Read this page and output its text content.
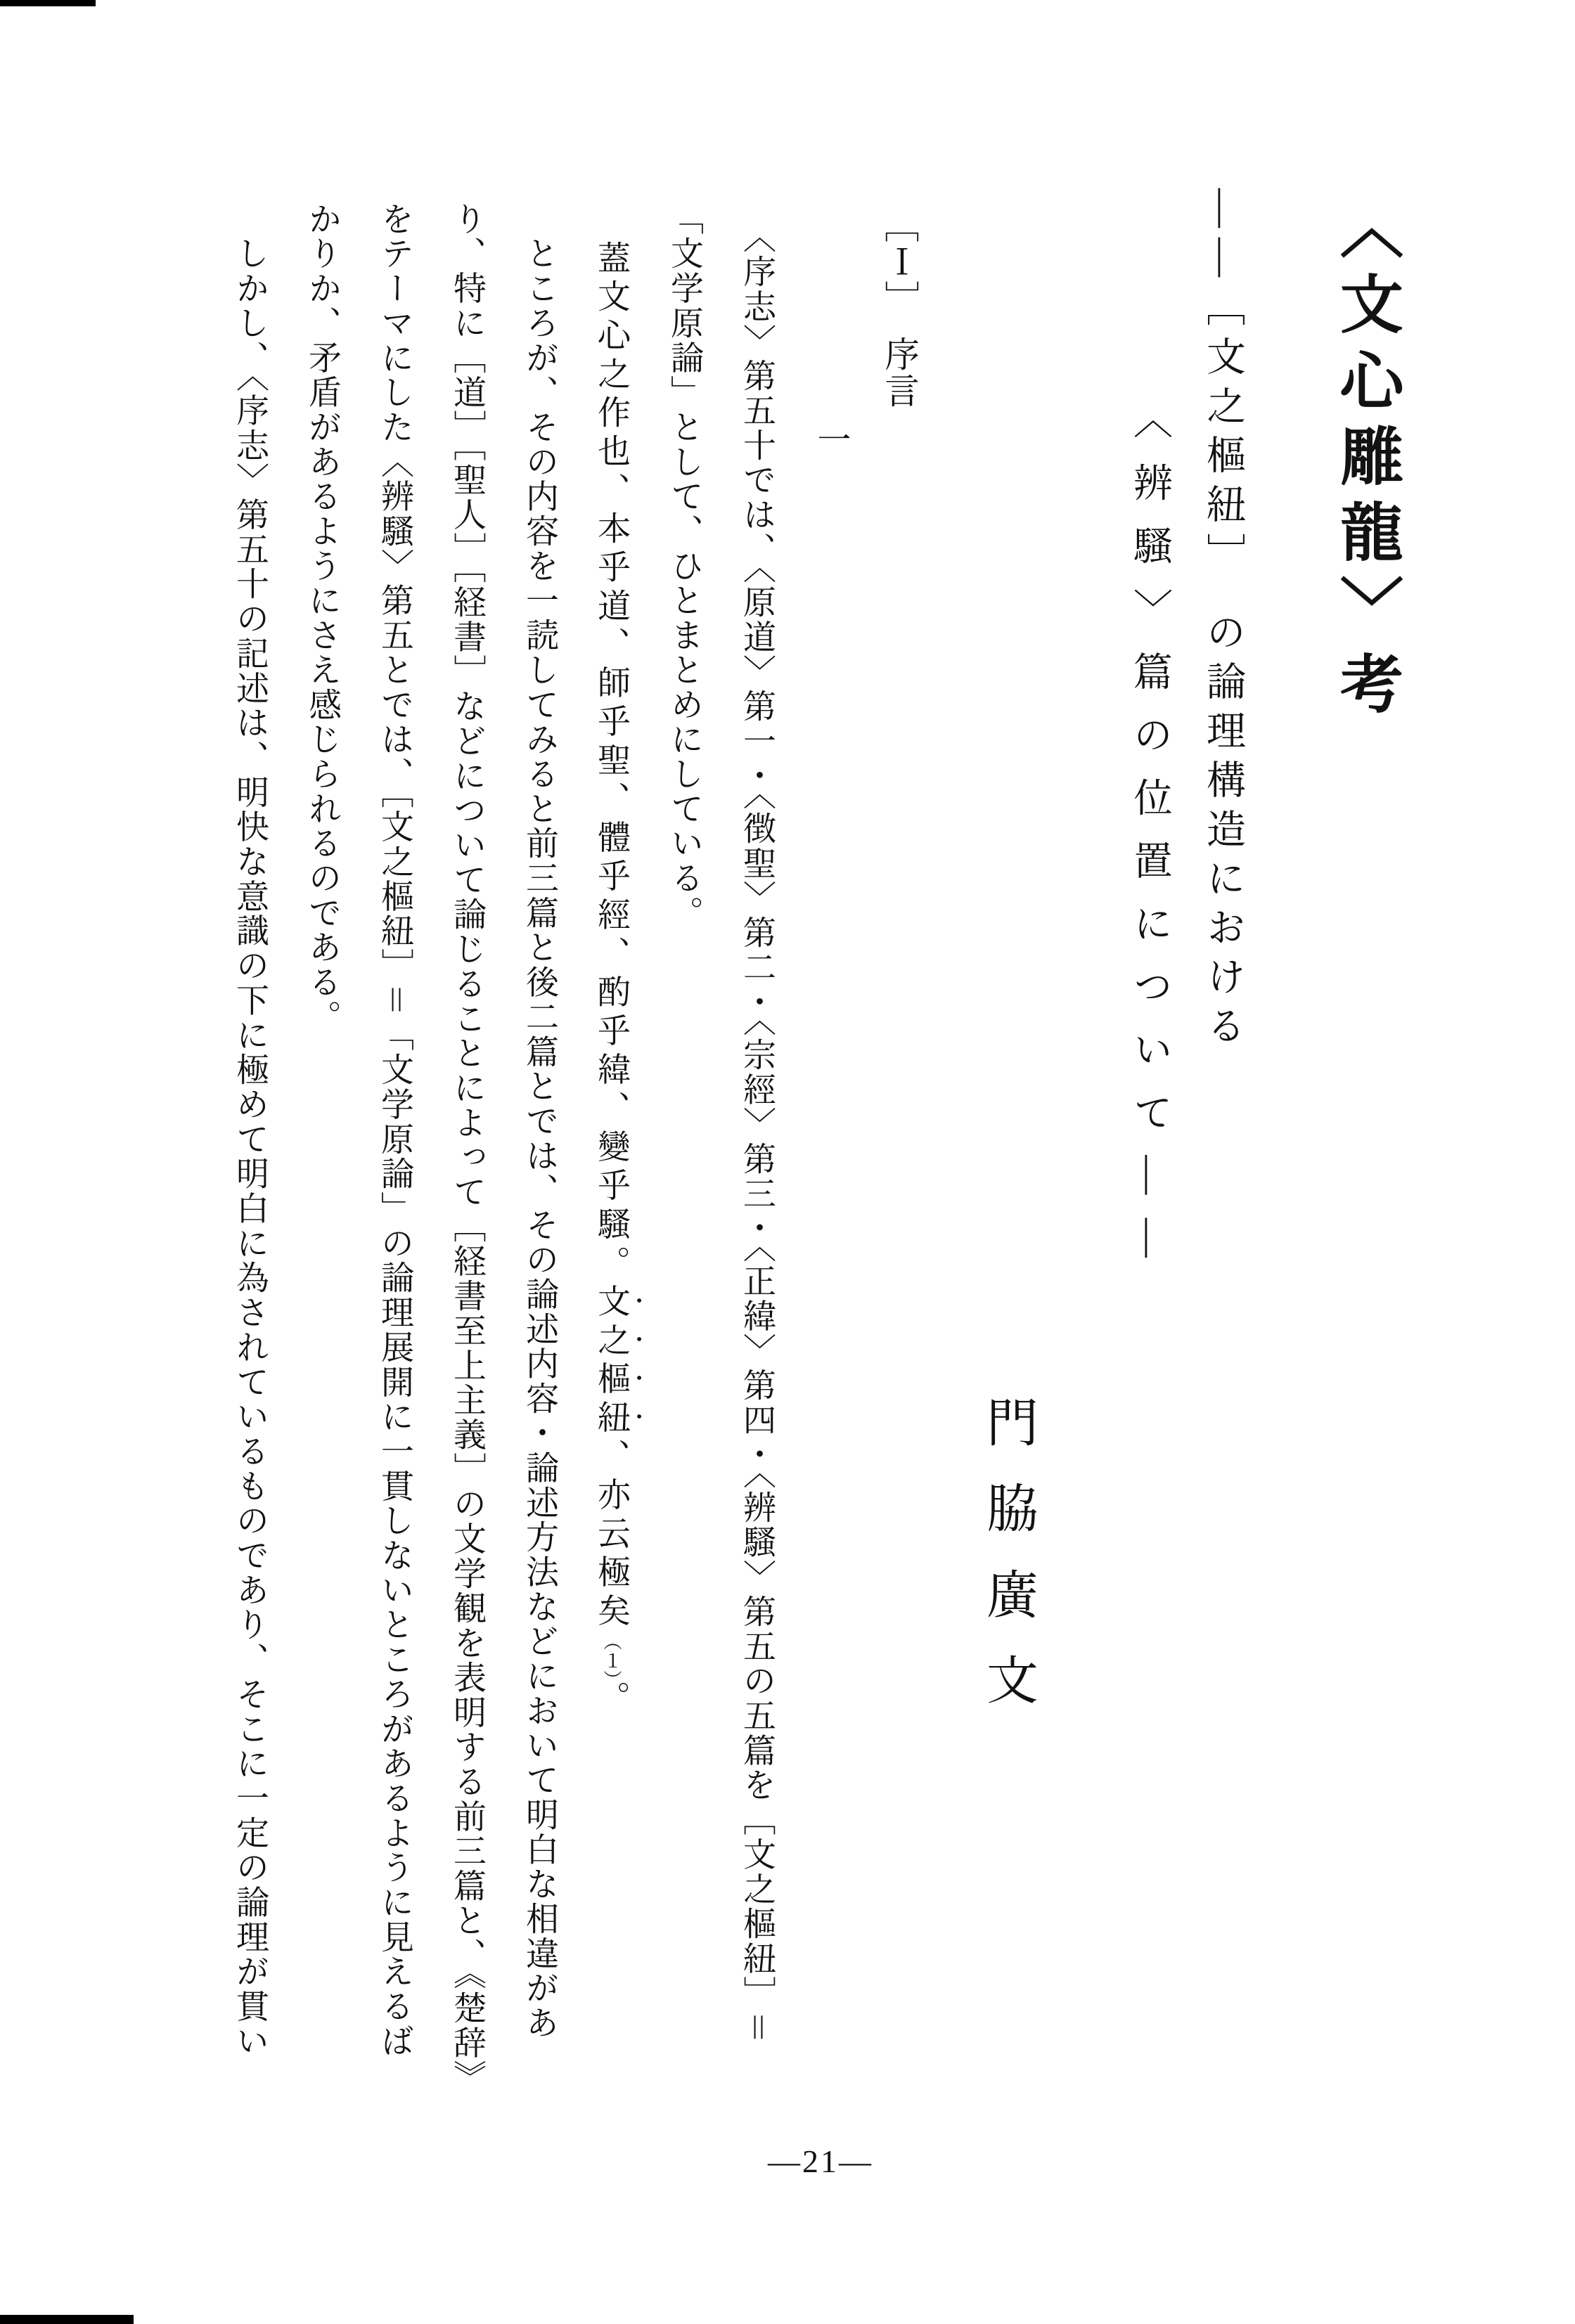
〈文心雕龍〉考
――［文之樞紐］　の論理構造における
〈辨騷〉篇の位置について――
門脇廣文
［Ｉ］　序言
一
　〈序志〉第五十では、〈原道〉第一・〈徴聖〉第二・〈宗經〉第三・〈正緯〉第四・〈辨騷〉第五の五篇を［文之樞紐］＝
「文学原論」として、ひとまとめにしている。
　蓋文心之作也、本乎道、師乎聖、體乎經、酌乎緯、變乎騷。文之樞紐、亦云極矣（１）。
　ところが、その内容を一読してみると前三篇と後二篇とでは、その論述内容・論述方法などにおいて明白な相違があ
り、特に［道］［聖人］［経書］などについて論じることによって［経書至上主義］の文学観を表明する前三篇と、《楚辞》
をテーマにした〈辨騷〉第五とでは、［文之樞紐］＝「文学原論」の論理展開に一貫しないところがあるように見えるば
かりか、矛盾があるようにさえ感じられるのである。
　しかし、〈序志〉第五十の記述は、明快な意識の下に極めて明白に為されているものであり、そこに一定の論理が貫い
―21―
